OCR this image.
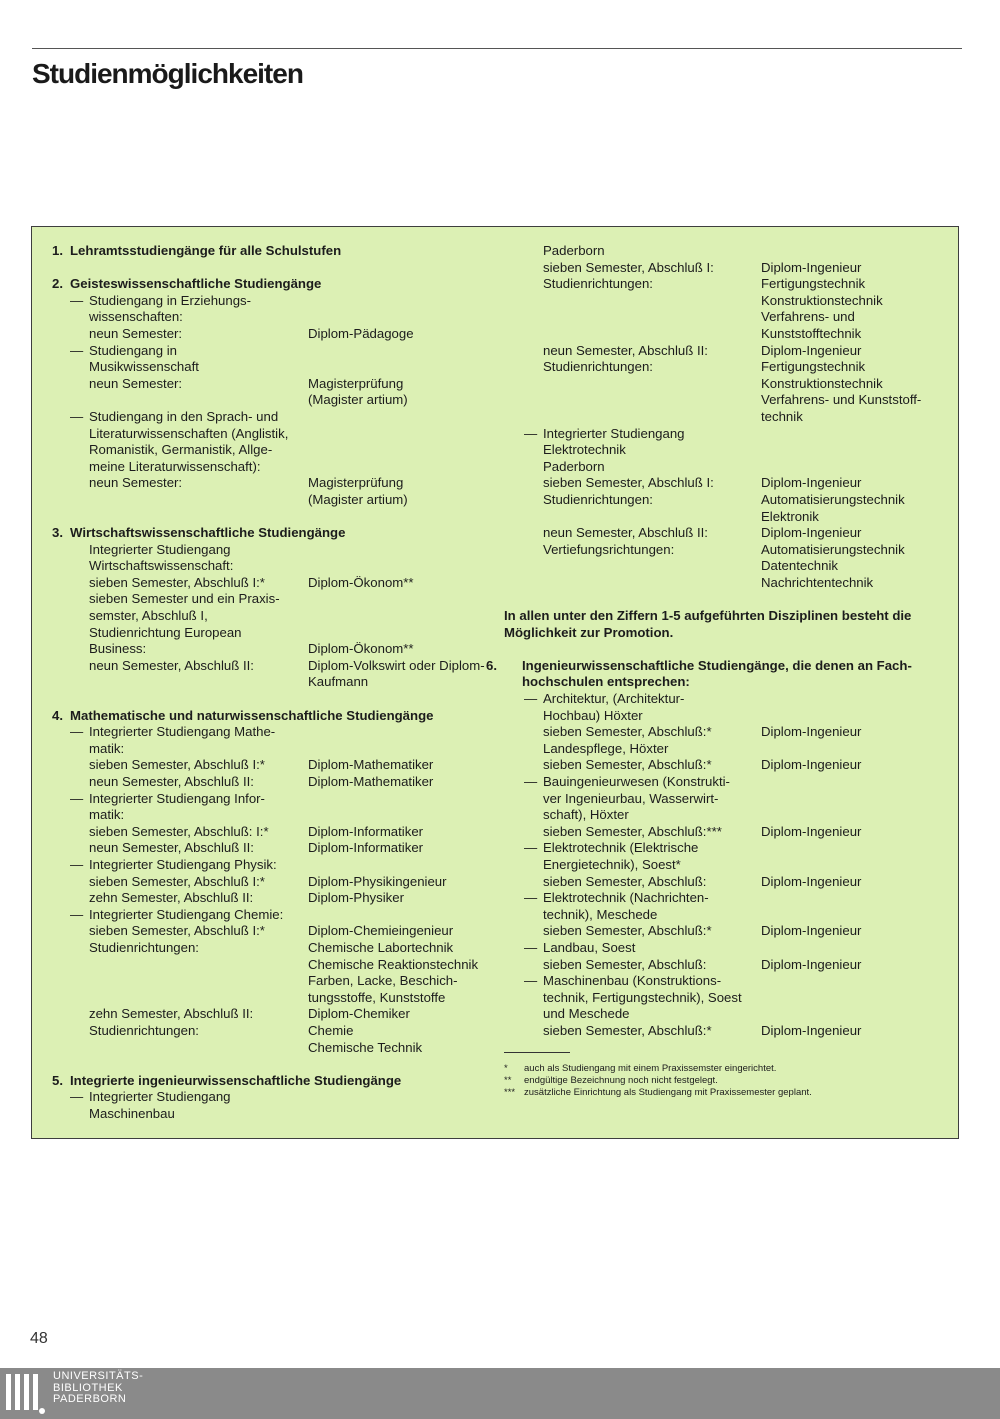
Studienmöglichkeiten
1. Lehramtsstudiengänge für alle Schulstufen
2. Geisteswissenschaftliche Studiengänge
— Studiengang in Erziehungs-
wissenschaften:
neun Semester:	Diplom-Pädagoge
— Studiengang in
Musikwissenschaft
neun Semester:	Magisterprüfung

(Magister artium)
— Studiengang in den Sprach- und
Literaturwissenschaften (Anglistik,
Romanistik, Germanistik, Allge-
meine Literaturwissenschaft):
neun Semester:	Magisterprüfung

(Magister artium)
3. Wirtschaftswissenschaftliche Studiengänge
Integrierter Studiengang
Wirtschaftswissenschaft:
sieben Semester, Abschluß I:*	Diplom-Ökonom**
sieben Semester und ein Praxis-
semster, Abschluß I,
Studienrichtung European
Business:	Diplom-Ökonom**
neun Semester, Abschluß II:	Diplom-Volkswirt oder Diplom-

Kaufmann
4. Mathematische und naturwissenschaftliche Studiengänge
— Integrierter Studiengang Mathe-
matik:
sieben Semester, Abschluß I:*	Diplom-Mathematiker
neun Semester, Abschluß II:	Diplom-Mathematiker
— Integrierter Studiengang Infor-
matik:
sieben Semester, Abschluß: I:*	Diplom-Informatiker
neun Semester, Abschluß II:	Diplom-Informatiker
— Integrierter Studiengang Physik:
sieben Semester, Abschluß I:*	Diplom-Physikingenieur
zehn Semester, Abschluß II:	Diplom-Physiker
— Integrierter Studiengang Chemie:
sieben Semester, Abschluß I:*	Diplom-Chemieingenieur
Studienrichtungen:	Chemische Labortechnik

Chemische Reaktionstechnik

Farben, Lacke, Beschich-

tungsstoffe, Kunststoffe
zehn Semester, Abschluß II:	Diplom-Chemiker
Studienrichtungen:	Chemie

Chemische Technik
5. Integrierte ingenieurwissenschaftliche Studiengänge
— Integrierter Studiengang
Maschinenbau
Paderborn
sieben Semester, Abschluß I:	Diplom-Ingenieur
Studienrichtungen:	Fertigungstechnik

Konstruktionstechnik

Verfahrens- und

Kunststofftechnik
neun Semester, Abschluß II:	Diplom-Ingenieur
Studienrichtungen:	Fertigungstechnik

Konstruktionstechnik

Verfahrens- und Kunststoff-

technik
— Integrierter Studiengang
Elektrotechnik
Paderborn
sieben Semester, Abschluß I:	Diplom-Ingenieur
Studienrichtungen:	Automatisierungstechnik

Elektronik
neun Semester, Abschluß II:	Diplom-Ingenieur
Vertiefungsrichtungen:	Automatisierungstechnik

Datentechnik

Nachrichtentechnik
In allen unter den Ziffern 1-5 aufgeführten Disziplinen besteht die Möglichkeit zur Promotion.
6. Ingenieurwissenschaftliche Studiengänge, die denen an Fach-hochschulen entsprechen:
— Architektur, (Architektur-
Hochbau) Höxter
sieben Semester, Abschluß:*	Diplom-Ingenieur
Landespflege, Höxter
sieben Semester, Abschluß:*	Diplom-Ingenieur
— Bauingenieurwesen (Konstrukti-
ver Ingenieurbau, Wasserwirt-
schaft), Höxter
sieben Semester, Abschluß:***	Diplom-Ingenieur
— Elektrotechnik (Elektrische
Energietechnik), Soest*
sieben Semester, Abschluß:	Diplom-Ingenieur
— Elektrotechnik (Nachrichten-
technik), Meschede
sieben Semester, Abschluß:*	Diplom-Ingenieur
— Landbau, Soest
sieben Semester, Abschluß:	Diplom-Ingenieur
— Maschinenbau (Konstruktions-
technik, Fertigungstechnik), Soest
und Meschede
sieben Semester, Abschluß:*	Diplom-Ingenieur
* auch als Studiengang mit einem Praxissemster eingerichtet.
** endgültige Bezeichnung noch nicht festgelegt.
*** zusätzliche Einrichtung als Studiengang mit Praxissemester geplant.
48
UNIVERSITÄTS-
BIBLIOTHEK
PADERBORN
